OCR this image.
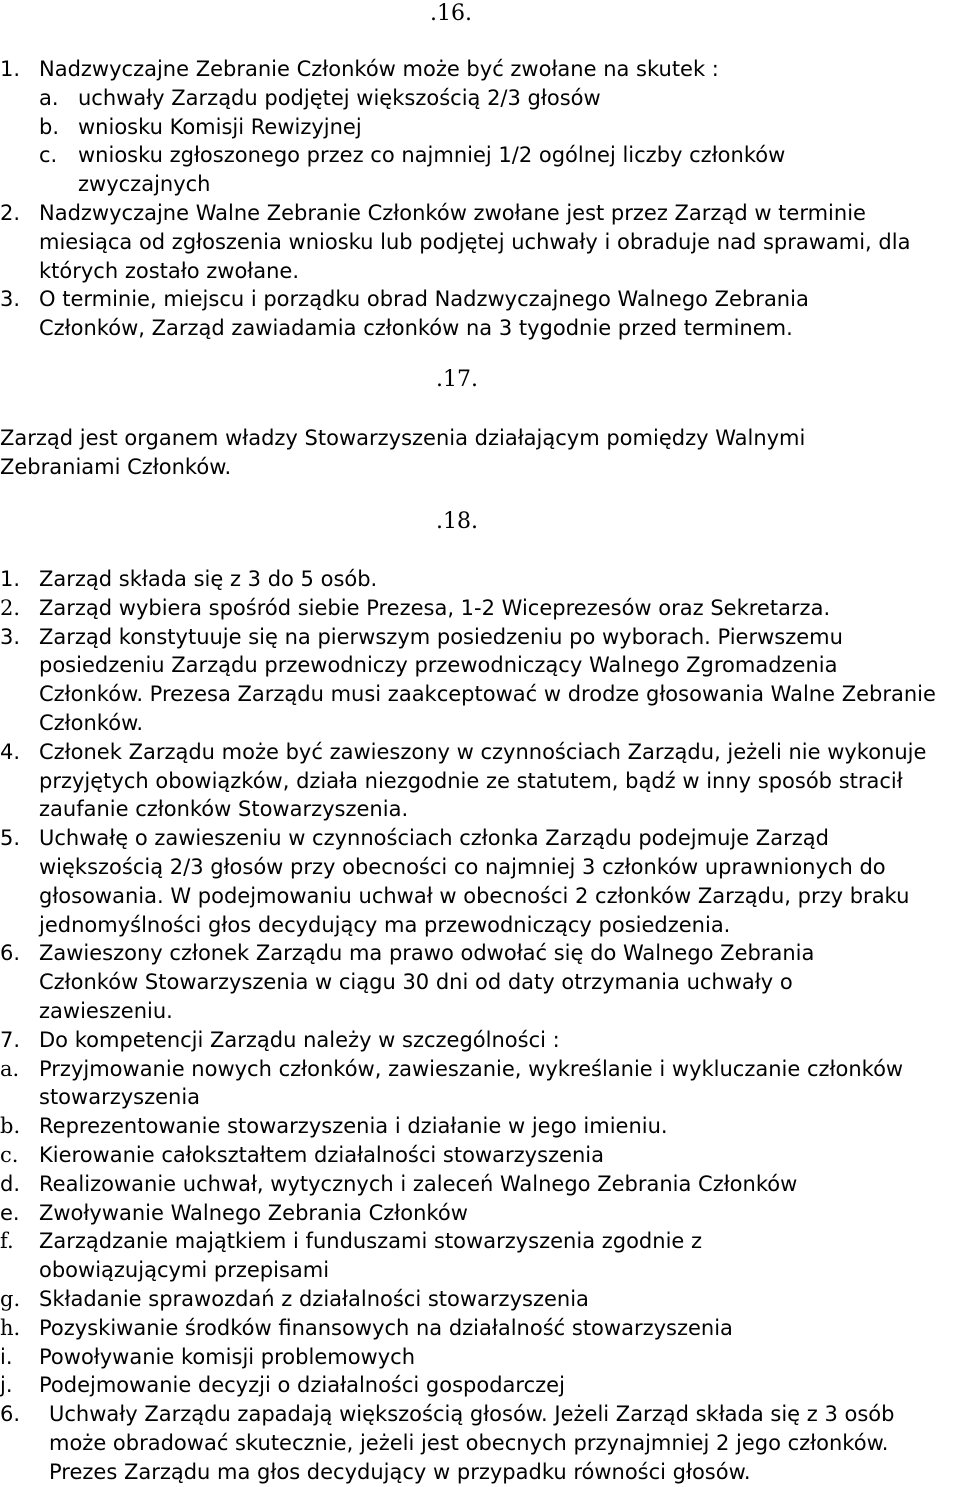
.16.
1. Nadzwyczajne Zebranie Członków może być zwołane na skutek :
a. uchwały Zarządu podjętej większością 2/3 głosów
b. wniosku Komisji Rewizyjnej
c. wniosku zgłoszonego przez co najmniej 1/2 ogólnej liczby członków zwyczajnych
2. Nadzwyczajne Walne Zebranie Członków zwołane jest przez Zarząd w terminie miesiąca od zgłoszenia wniosku lub podjętej uchwały i obraduje nad sprawami, dla których zostało zwołane.
3. O terminie, miejscu i porządku obrad Nadzwyczajnego Walnego Zebrania Członków, Zarząd zawiadamia członków na 3 tygodnie przed terminem.
.17.

Zarząd jest organem władzy Stowarzyszenia działającym pomiędzy Walnymi Zebraniami Członków.

.18.
1. Zarząd składa się z 3 do 5 osób.
2. Zarząd wybiera spośród siebie Prezesa, 1-2 Wiceprezesów oraz Sekretarza.
3. Zarząd konstytuuje się na pierwszym posiedzeniu po wyborach. Pierwszemu posiedzeniu Zarządu przewodniczy przewodniczący Walnego Zgromadzenia Członków. Prezesa Zarządu musi zaakceptować w drodze głosowania Walne Zebranie Członków.
4. Członek Zarządu może być zawieszony w czynnościach Zarządu, jeżeli nie wykonuje przyjętych obowiązków, działa niezgodnie ze statutem, bądź w inny sposób stracił zaufanie członków Stowarzyszenia.
5. Uchwałę o zawieszeniu w czynnościach członka Zarządu podejmuje Zarząd większością 2/3 głosów przy obecności co najmniej 3 członków uprawnionych do głosowania. W podejmowaniu uchwał w obecności 2 członków Zarządu, przy braku jednomyślności głos decydujący ma przewodniczący posiedzenia.
6. Zawieszony członek Zarządu ma prawo odwołać się do Walnego Zebrania Członków Stowarzyszenia w ciągu 30 dni od daty otrzymania uchwały o zawieszeniu.
7. Do kompetencji Zarządu należy w szczególności :
a. Przyjmowanie nowych członków, zawieszanie, wykreślanie i wykluczanie członków stowarzyszenia
b. Reprezentowanie stowarzyszenia i działanie w jego imieniu.
c. Kierowanie całokształtem działalności stowarzyszenia
d. Realizowanie uchwał, wytycznych i zaleceń Walnego Zebrania Członków
e. Zwoływanie Walnego Zebrania Członków
f.	Zarządzanie majątkiem i funduszami stowarzyszenia zgodnie z obowiązującymi przepisami
g. Składanie sprawozdań z działalności stowarzyszenia
h. Pozyskiwanie środków finansowych na działalność stowarzyszenia
i.	Powoływanie komisji problemowych
j.	Podejmowanie decyzji o działalności gospodarczej
6.	Uchwały Zarządu zapadają większością głosów. Jeżeli Zarząd składa się z 3 osób może obradować skutecznie, jeżeli jest obecnych przynajmniej 2 jego członków. Prezes Zarządu ma głos decydujący w przypadku równości głosów.
